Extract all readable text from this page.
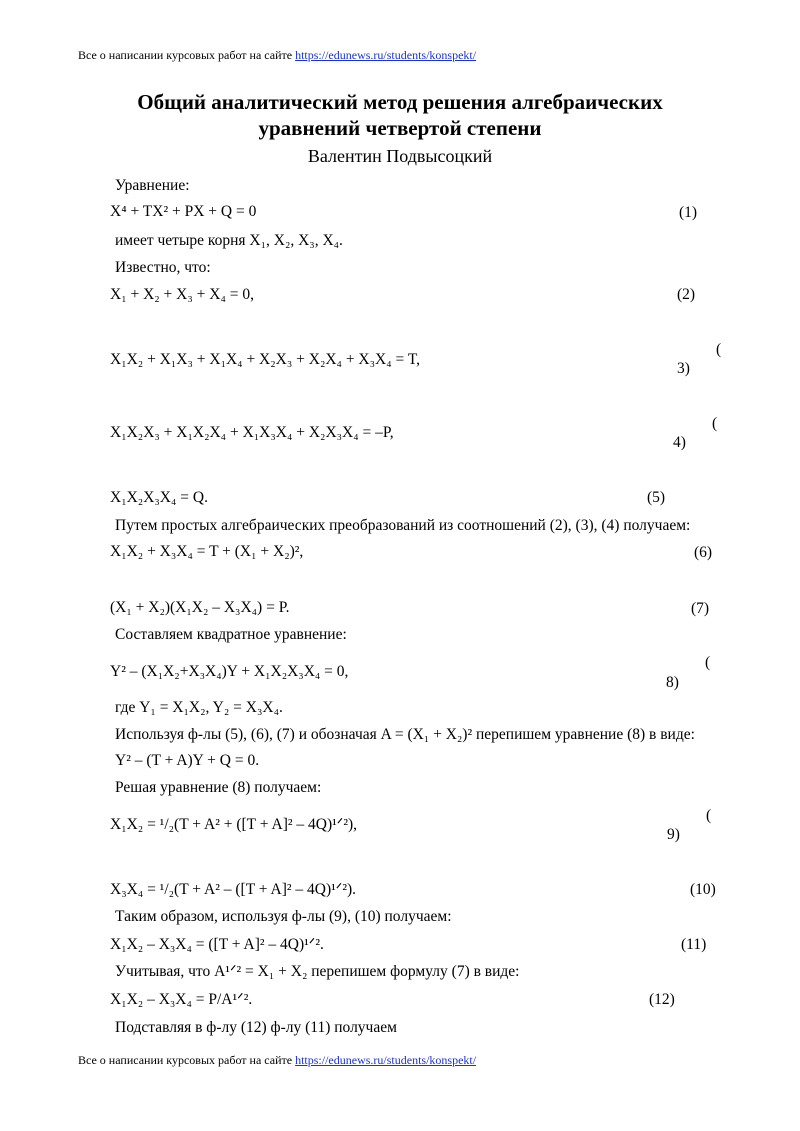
Все о написании курсовых работ на сайте https://edunews.ru/students/konspekt/
Общий аналитический метод решения алгебраических
уравнений четвертой степени
Валентин Подвысоцкий
Уравнение:
X⁴ + TX² + PX + Q = 0	(1)
имеет четыре корня X₁, X₂, X₃, X₄.
Известно, что:
X₁ + X₂ + X₃ + X₄ = 0,	(2)
X₁X₂ + X₁X₃ + X₁X₄ + X₂X₃ + X₂X₄ + X₃X₄ = T,
(
3)
X₁X₂X₃ + X₁X₂X₄ + X₁X₃X₄ + X₂X₃X₄ = –P,
(
4)
X₁X₂X₃X₄ = Q.	(5)
Путем простых алгебраических преобразований из соотношений (2), (3), (4) получаем:
X₁X₂ + X₃X₄ = T + (X₁ + X₂)²,	(6)
(X₁ + X₂)(X₁X₂ – X₃X₄) = P.	(7)
Составляем квадратное уравнение:
Y² – (X₁X₂+X₃X₄)Y + X₁X₂X₃X₄ = 0,
(
8)
где Y₁ = X₁X₂, Y₂ = X₃X₄.
Используя ф-лы (5), (6), (7) и обозначая A = (X₁ + X₂)² перепишем уравнение (8) в виде:
Y² – (T + A)Y + Q = 0.
Решая уравнение (8) получаем:
X₁X₂ = ¹/₂(T + A² + ([T + A]² – 4Q)¹ᐟ²),
(
9)
X₃X₄ = ¹/₂(T + A² – ([T + A]² – 4Q)¹ᐟ²).	(10)
Таким образом, используя ф-лы (9), (10) получаем:
X₁X₂ – X₃X₄ = ([T + A]² – 4Q)¹ᐟ².	(11)
Учитывая, что A¹ᐟ² = X₁ + X₂ перепишем формулу (7) в виде:
X₁X₂ – X₃X₄ = P/A¹ᐟ².	(12)
Подставляя в ф-лу (12) ф-лу (11) получаем
Все о написании курсовых работ на сайте https://edunews.ru/students/konspekt/
